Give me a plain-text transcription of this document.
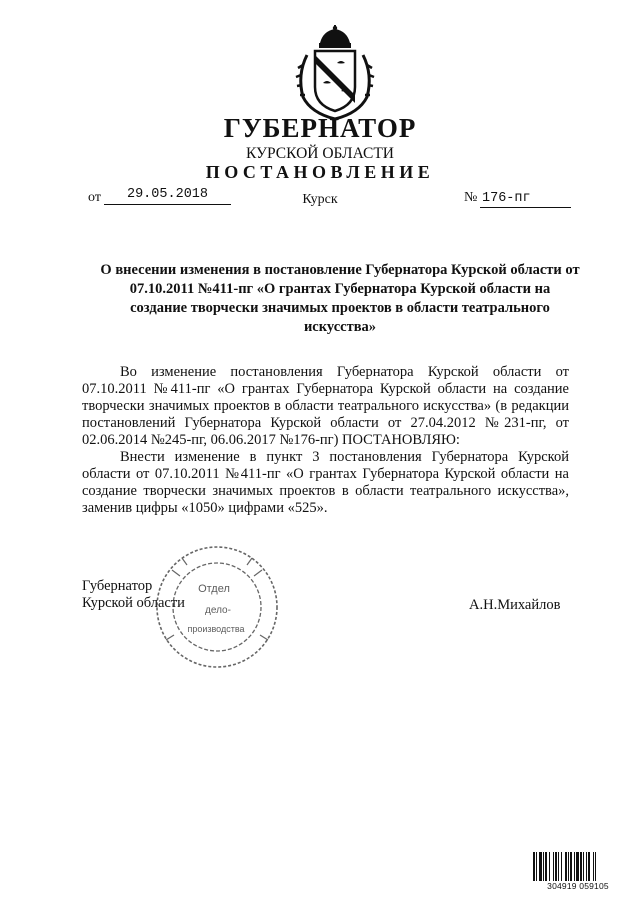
ГУБЕРНАТОР
КУРСКОЙ ОБЛАСТИ
ПОСТАНОВЛЕНИЕ
от	29.05.2018	Курск	№ 176-пг
О внесении изменения в постановление Губернатора Курской области от 07.10.2011 №411-пг «О грантах Губернатора Курской области на создание творчески значимых проектов в области театрального искусства»

Во изменение постановления Губернатора Курской области от 07.10.2011 №411-пг «О грантах Губернатора Курской области на создание творчески значимых проектов в области театрального искусства» (в редакции постановлений Губернатора Курской области от 27.04.2012 №231-пг, от 02.06.2014 №245-пг, 06.06.2017 №176-пг) ПОСТАНОВЛЯЮ:

Внести изменение в пункт 3 постановления Губернатора Курской области от 07.10.2011 №411-пг «О грантах Губернатора Курской области на создание творчески значимых проектов в области театрального искусства», заменив цифры «1050» цифрами «525».

Губернатор
Курской области	А.Н.Михайлов
Отдел
дело-
производства
304919 059105
